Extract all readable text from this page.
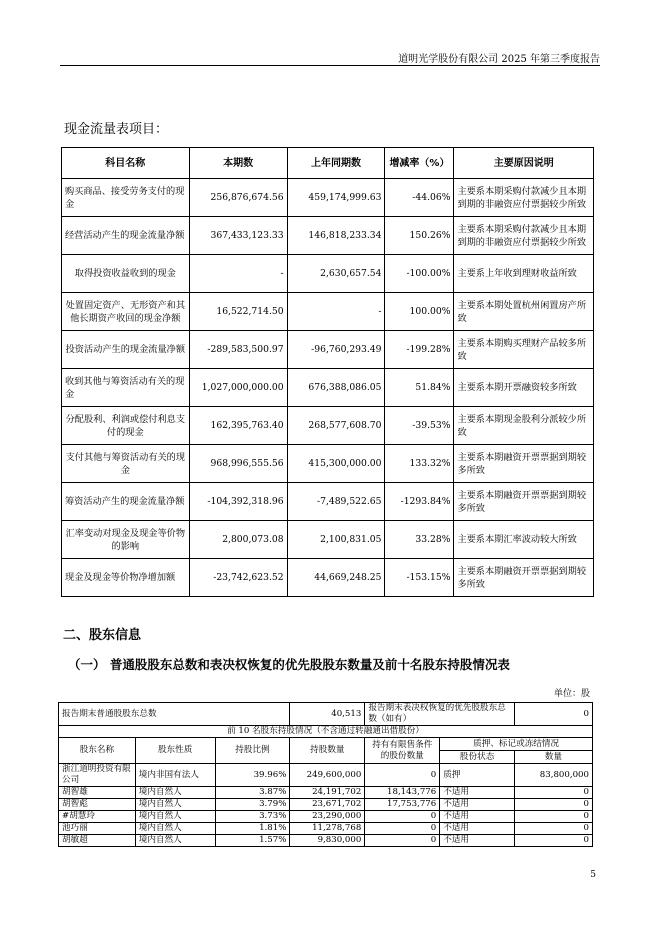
道明光学股份有限公司 2025 年第三季度报告
现金流量表项目：
科目名称	本期数	上年同期数	增减率（%）	主要原因说明
购买商品、接受劳务支付的现金	256,876,674.56	459,174,999.63	-44.06%	主要系本期采购付款减少且本期到期的非融资应付票据较少所致
经营活动产生的现金流量净额	367,433,123.33	146,818,233.34	150.26%	主要系本期采购付款减少且本期到期的非融资应付票据较少所致
取得投资收益收到的现金	-	2,630,657.54	-100.00%	主要系上年收到理财收益所致
处置固定资产、无形资产和其他长期资产收回的现金净额	16,522,714.50	-	100.00%	主要系本期处置杭州闲置房产所致
投资活动产生的现金流量净额	-289,583,500.97	-96,760,293.49	-199.28%	主要系本期购买理财产品较多所致
收到其他与筹资活动有关的现金	1,027,000,000.00	676,388,086.05	51.84%	主要系本期开票融资较多所致
分配股利、利润或偿付利息支付的现金	162,395,763.40	268,577,608.70	-39.53%	主要系本期现金股利分派较少所致
支付其他与筹资活动有关的现金	968,996,555.56	415,300,000.00	133.32%	主要系本期融资开票票据到期较多所致
筹资活动产生的现金流量净额	-104,392,318.96	-7,489,522.65	-1293.84%	主要系本期融资开票票据到期较多所致
汇率变动对现金及现金等价物的影响	2,800,073.08	2,100,831.05	33.28%	主要系本期汇率波动较大所致
现金及现金等价物净增加额	-23,742,623.52	44,669,248.25	-153.15%	主要系本期融资开票票据到期较多所致
二、股东信息
（一） 普通股股东总数和表决权恢复的优先股股东数量及前十名股东持股情况表
单位：股
报告期末普通股股东总数			40,513	报告期末表决权恢复的优先股股东总数（如有）		0
前 10 名股东持股情况（不含通过转融通出借股份）						
股东名称	股东性质	持股比例	持股数量	持有有限售条件的股份数量	质押、标记或冻结情况	
					股份状态	数量
浙江道明投资有限公司	境内非国有法人	39.96%	249,600,000	0	质押	83,800,000
胡智雄	境内自然人	3.87%	24,191,702	18,143,776	不适用	0
胡智彪	境内自然人	3.79%	23,671,702	17,753,776	不适用	0
#胡慧玲	境内自然人	3.73%	23,290,000	0	不适用	0
池巧丽	境内自然人	1.81%	11,278,768	0	不适用	0
胡敏超	境内自然人	1.57%	9,830,000	0	不适用	0
5
